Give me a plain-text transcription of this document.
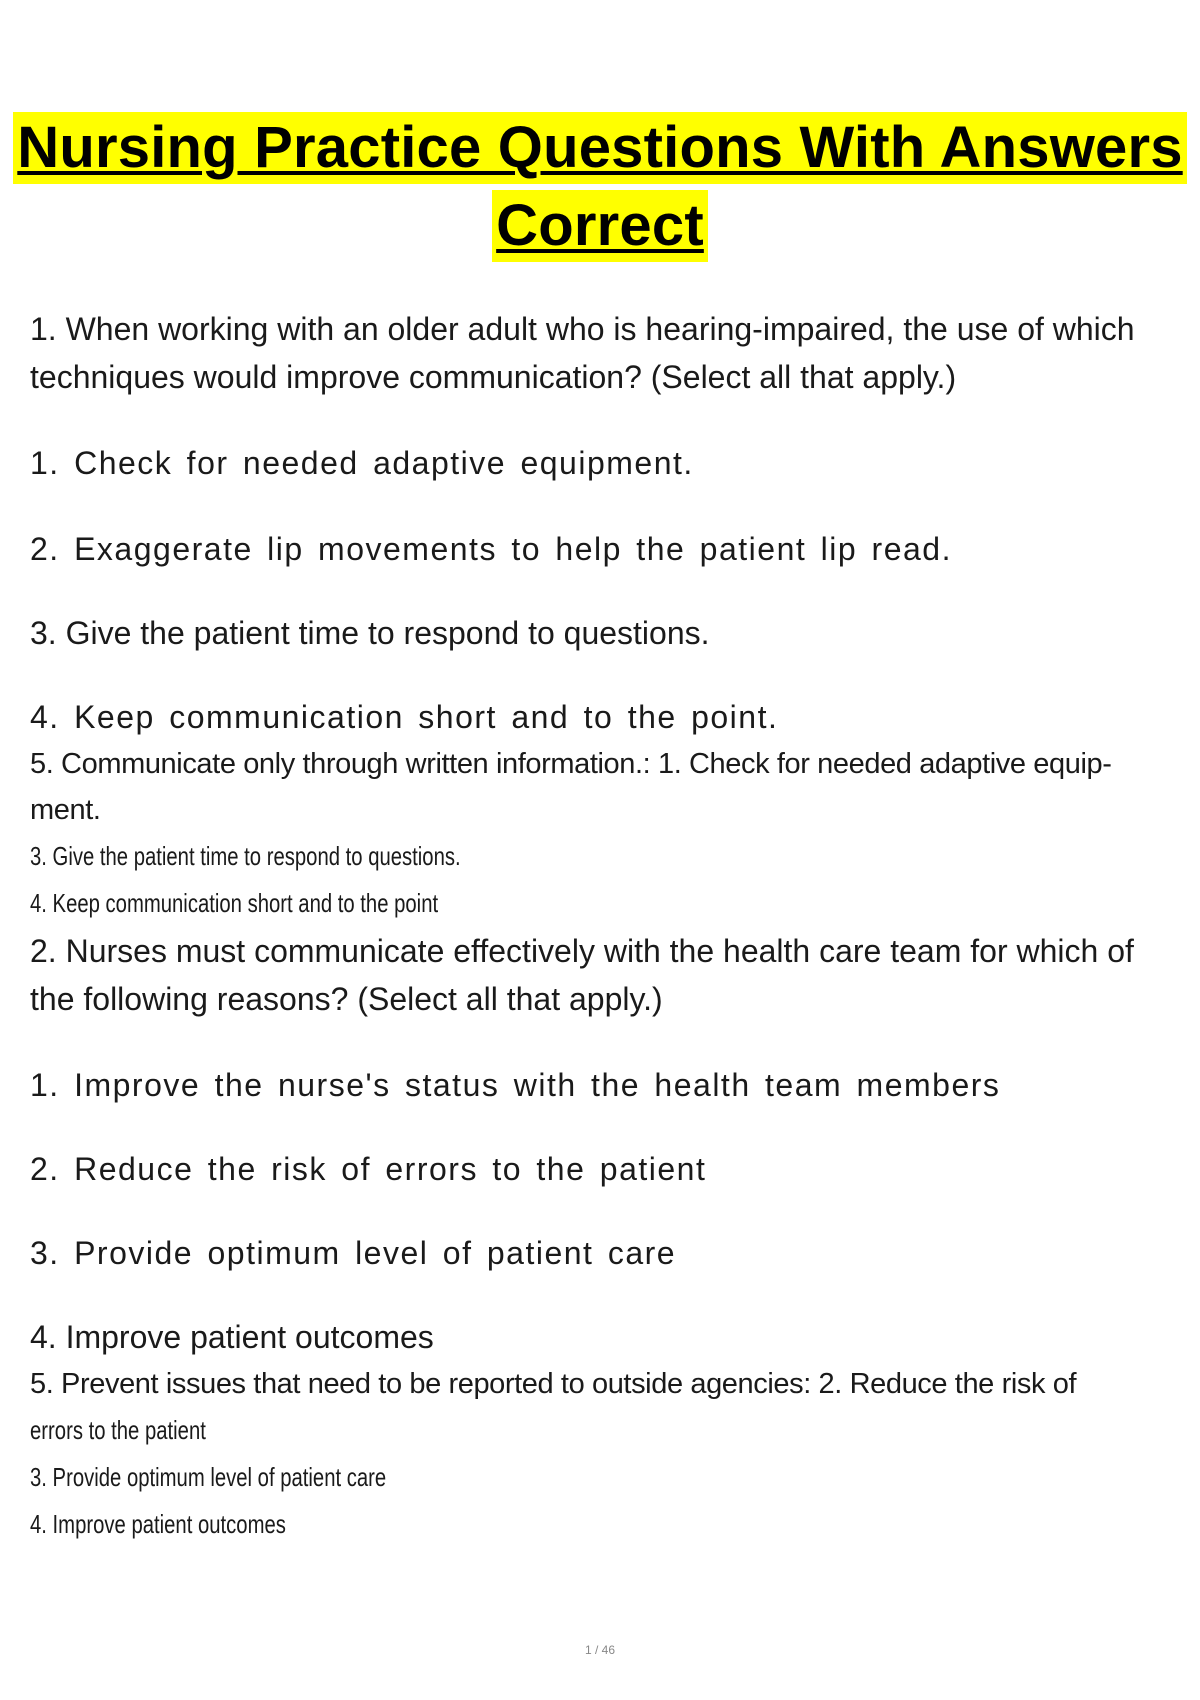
Nursing Practice Questions With Answers
Correct

1. When working with an older adult who is hearing-impaired, the use of which techniques would improve communication? (Select all that apply.)

1. Check for needed adaptive equipment.

2. Exaggerate lip movements to help the patient lip read.

3. Give the patient time to respond to questions.

4. Keep communication short and to the point.

5. Communicate only through written information.: 1. Check for needed adaptive equip-

ment.

3. Give the patient time to respond to questions.

4. Keep communication short and to the point

2. Nurses must communicate effectively with the health care team for which of the following reasons? (Select all that apply.)

1. Improve the nurse's status with the health team members

2. Reduce the risk of errors to the patient

3. Provide optimum level of patient care

4. Improve patient outcomes

5. Prevent issues that need to be reported to outside agencies: 2. Reduce the risk of

errors to the patient

3. Provide optimum level of patient care

4. Improve patient outcomes

1 / 46
